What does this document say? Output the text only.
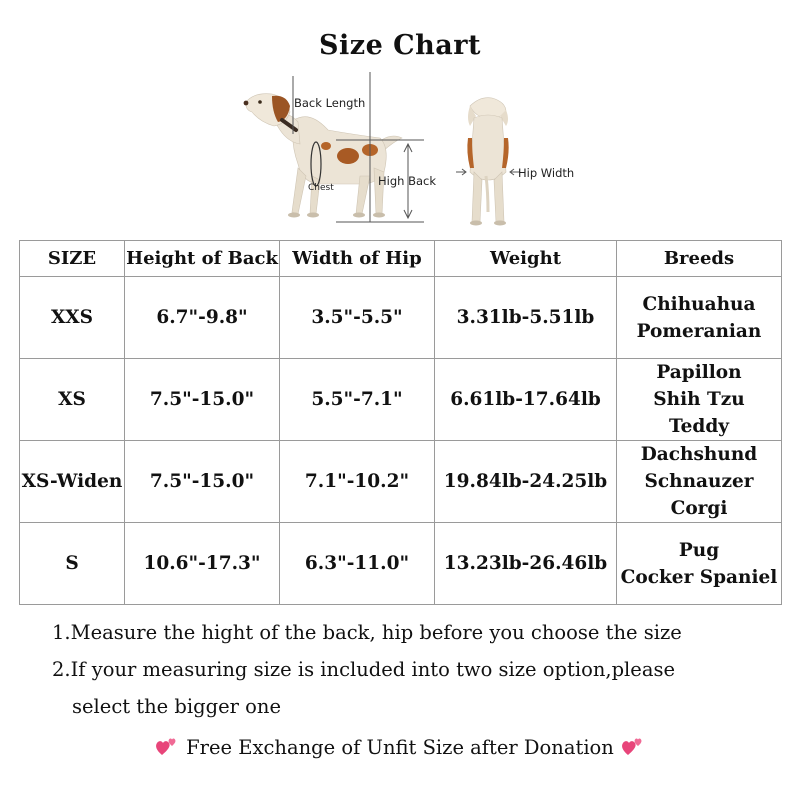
Size Chart
Back Length
Chest	High Back
Hip Width
SIZE	Height of Back	Width of Hip	Weight	Breeds
XXS	6.7"-9.8"	3.5"-5.5"	3.31lb-5.51lb	Chihuahua
Pomeranian

XS	7.5"-15.0"	5.5"-7.1"	6.61lb-17.64lb	Papillon
Shih Tzu
Teddy

XS-Widen	7.5"-15.0"	7.1"-10.2"	19.84lb-24.25lb	Dachshund
Schnauzer
Corgi

S	10.6"-17.3"	6.3"-11.0"	13.23lb-26.46lb	Pug
Cocker Spaniel
1.Measure the hight of the back, hip before you choose the size
2.If your measuring size is included into two size option,please
select the bigger one
Free Exchange of Unfit Size after Donation
